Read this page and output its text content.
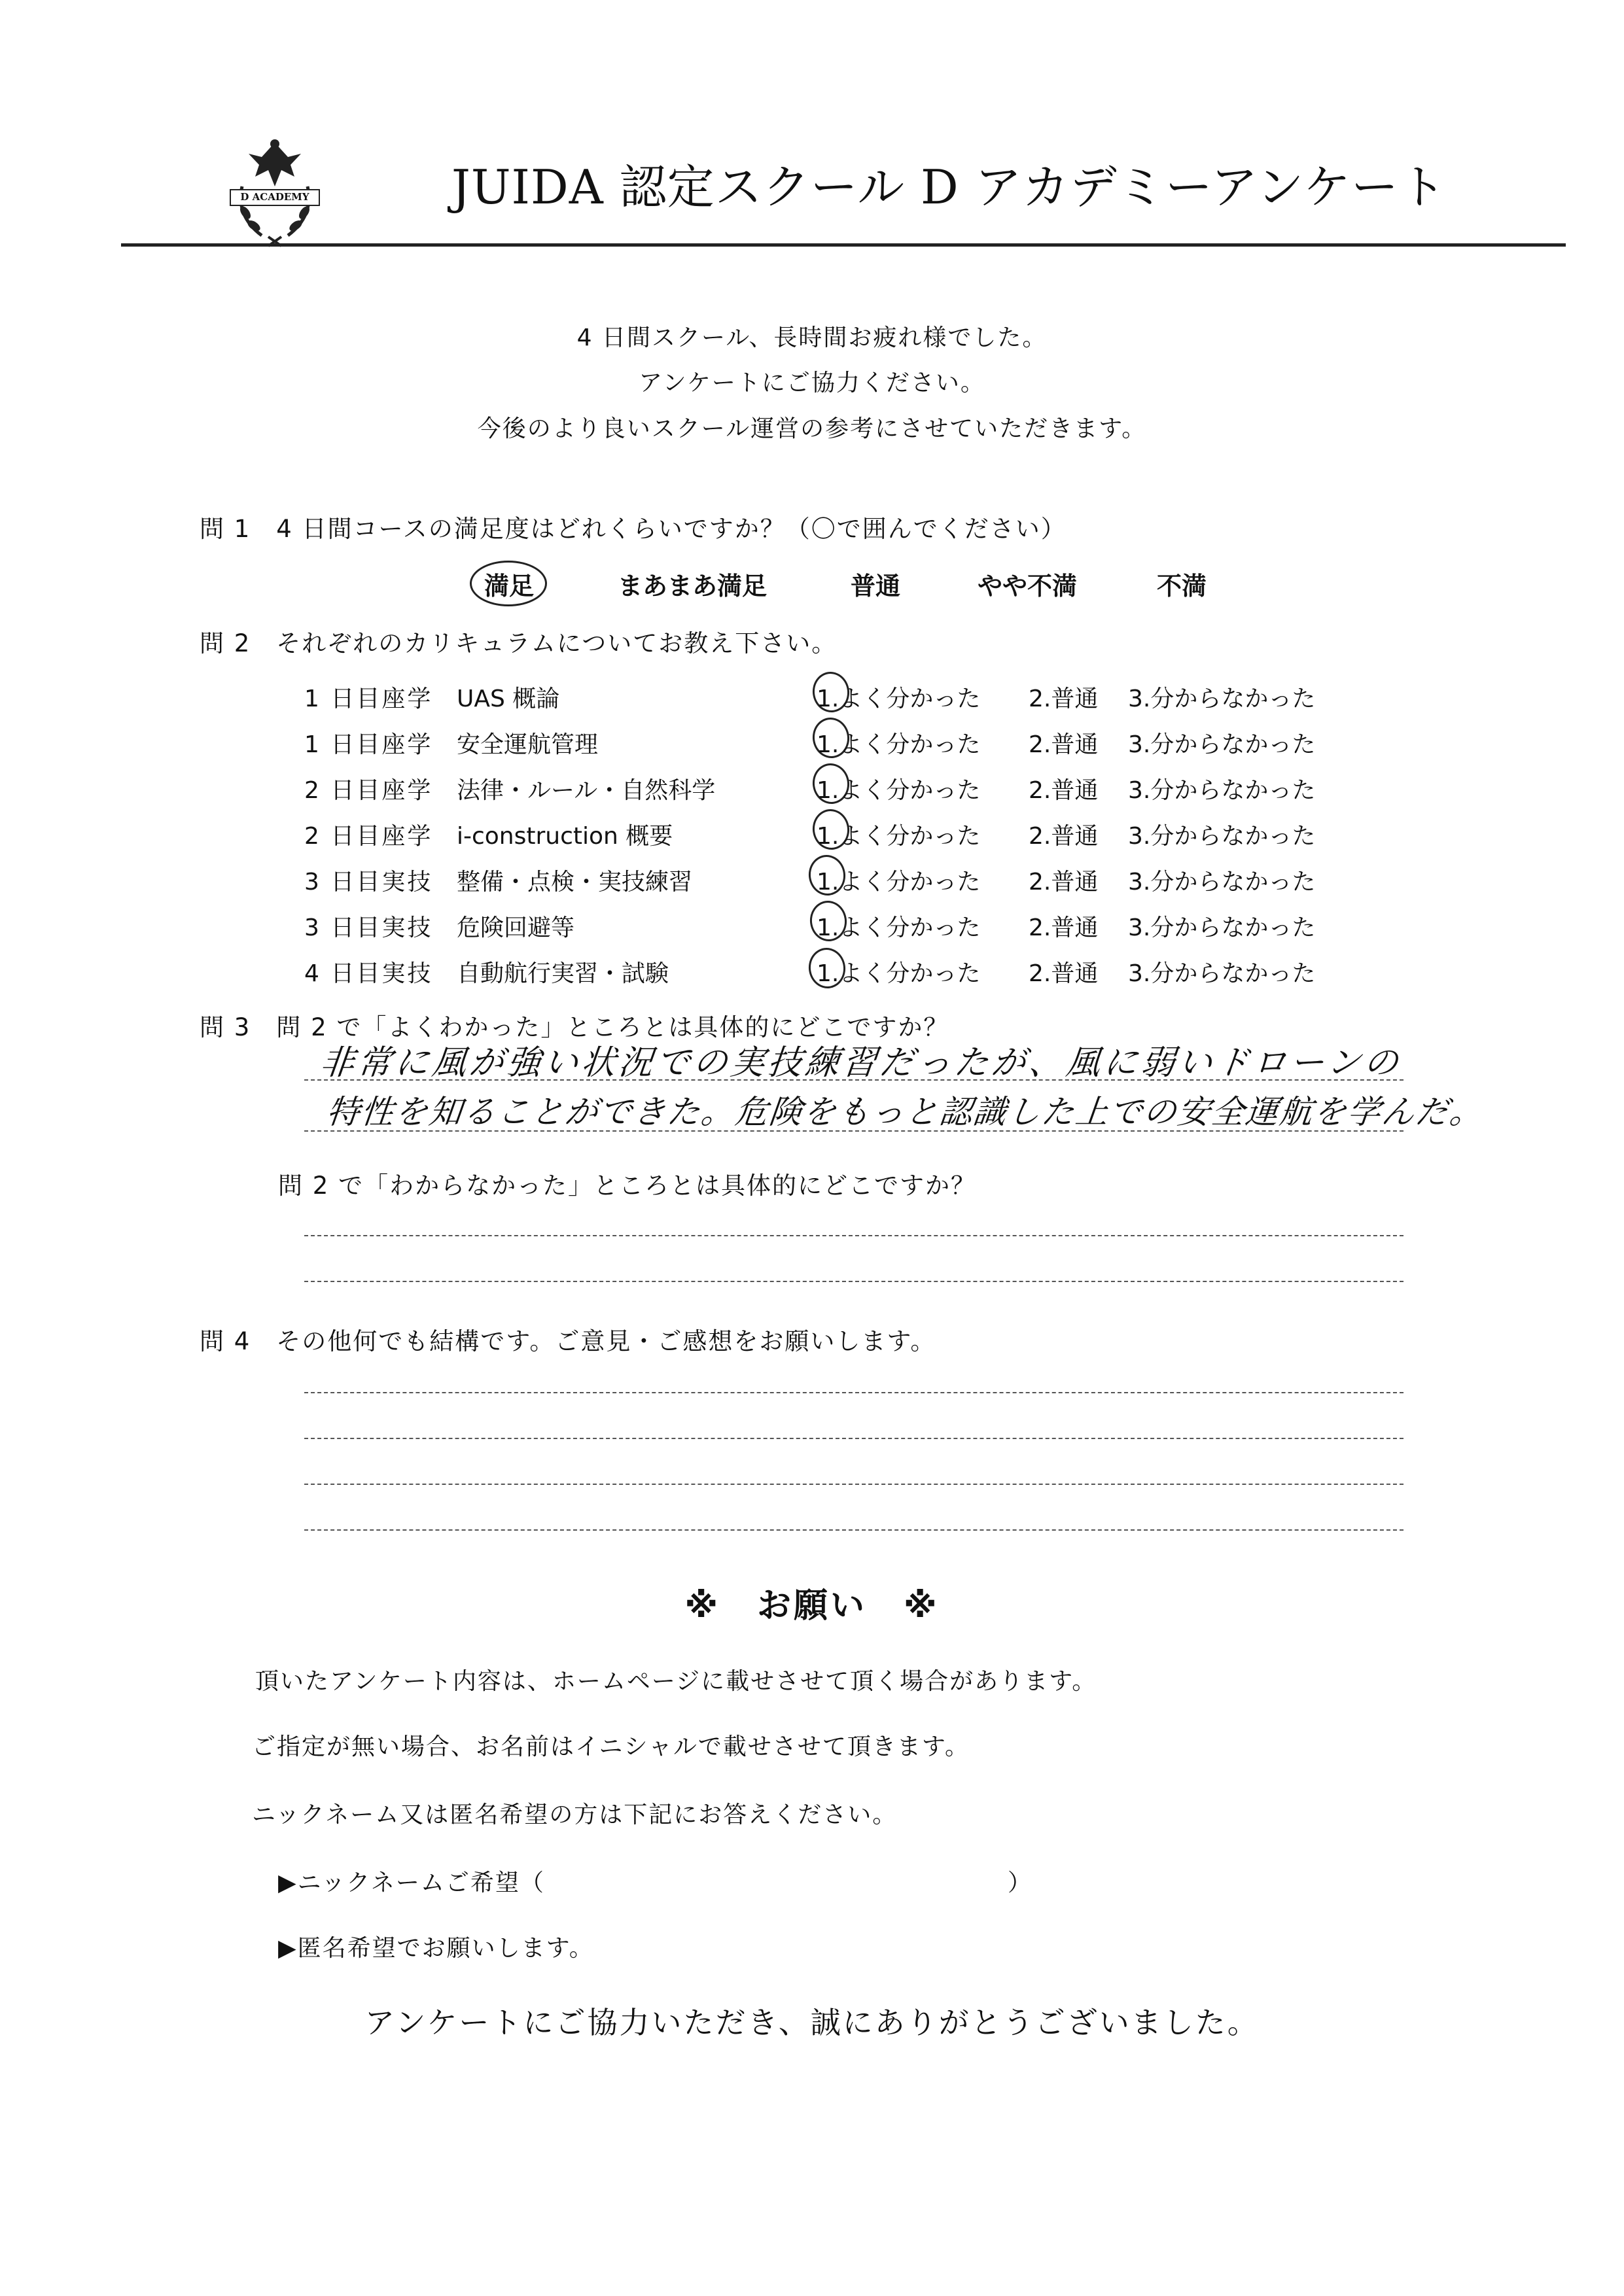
D ACADEMY	JUIDA 認定スクール D アカデミーアンケート
4 日間スクール、長時間お疲れ様でした。
アンケートにご協力ください。
今後のより良いスクール運営の参考にさせていただきます。
問 1　4 日間コースの満足度はどれくらいですか？（〇で囲んでください）
満足	まあまあ満足	普通	やや不満	不満
問 2　それぞれのカリキュラムについてお教え下さい。
1 日目座学 UAS 概論	1.よく分かった 2.普通 3.分からなかった
1 日目座学 安全運航管理	1.よく分かった 2.普通 3.分からなかった
2 日目座学 法律・ルール・自然科学	1.よく分かった 2.普通 3.分からなかった
2 日目座学 i-construction 概要	1.よく分かった 2.普通 3.分からなかった
3 日目実技 整備・点検・実技練習	1.よく分かった 2.普通 3.分からなかった
3 日目実技 危険回避等	1.よく分かった 2.普通 3.分からなかった
4 日目実技 自動航行実習・試験	1.よく分かった 2.普通 3.分からなかった
問 3　問 2 で「よくわかった」ところとは具体的にどこですか？
非常に風が強い状況での実技練習だったが、風に弱いドローンの
特性を知ることができた。危険をもっと認識した上での安全運航を学んだ。
問 2 で「わからなかった」ところとは具体的にどこですか？
問 4　その他何でも結構です。ご意見・ご感想をお願いします。
※　お願い　※
頂いたアンケート内容は、ホームページに載せさせて頂く場合があります。
ご指定が無い場合、お名前はイニシャルで載せさせて頂きます。
ニックネーム又は匿名希望の方は下記にお答えください。
▶ニックネームご希望（	）
▶匿名希望でお願いします。
アンケートにご協力いただき、誠にありがとうございました。
